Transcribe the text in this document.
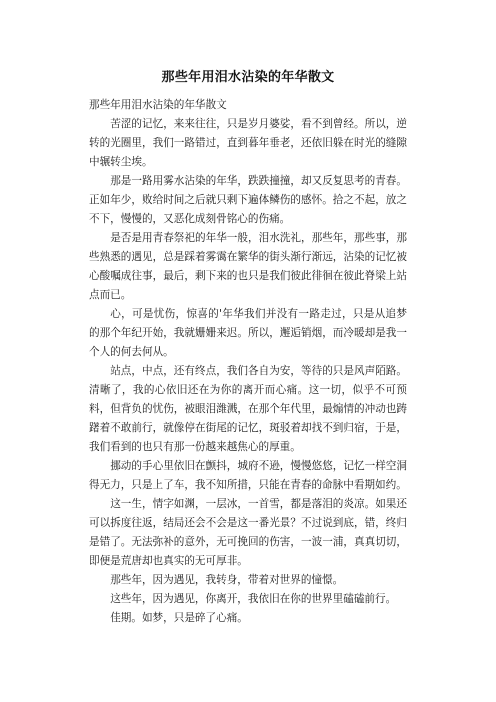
那些年用泪水沾染的年华散文

那些年用泪水沾染的年华散文

苦涩的记忆，来来往往，只是岁月婆娑，看不到曾经。所以，逆转的光圈里，我们一路错过，直到暮年垂老，还依旧躲在时光的缝隙中辗转尘埃。

那是一路用雾水沾染的年华，跌跌撞撞，却又反复思考的青春。正如年少，败给时间之后就只剩下遍体鳞伤的感怀。拾之不起，放之不下，慢慢的，又恶化成刻骨铭心的伤痛。

是否是用青春祭祀的年华一般，泪水洗礼，那些年，那些事，那些熟悉的遇见，总是踩着雾霭在繁华的街头渐行渐远，沾染的记忆被心酸嘱成往事，最后，剩下来的也只是我们彼此徘徊在彼此脊梁上站点而已。

心，可是忧伤，惊喜的'年华我们并没有一路走过，只是从追梦的那个年纪开始，我就姗姗来迟。所以，邂逅销烟，而冷暖却是我一个人的何去何从。

站点，中点，还有终点，我们各自为安，等待的只是风声陌路。清晰了，我的心依旧还在为你的离开而心痛。这一切，似乎不可预料，但背负的忧伤，被眼泪潍溅，在那个年代里，最煽情的冲动也踌躇着不敢前行，就像停在街尾的记忆，斑驳着却找不到归宿，于是，我们看到的也只有那一份越来越焦心的厚重。

挪动的手心里依旧在颤抖，城府不逊，慢慢悠悠，记忆一样空洞得无力，只是上了车，我不知所措，只能在青春的命脉中看期如约。

这一生，情字如渊，一层冰，一首雪，都是落泪的炎凉。如果还可以拆度往返，结局还会不会是这一番光景？不过说到底，错，终归是错了。无法弥补的意外，无可挽回的伤害，一波一浦，真真切切，即便是荒唐却也真实的无可厚非。

那些年，因为遇见，我转身，带着对世界的憧憬。

这些年，因为遇见，你离开，我依旧在你的世界里磕磕前行。

佳期。如梦，只是碎了心痛。
